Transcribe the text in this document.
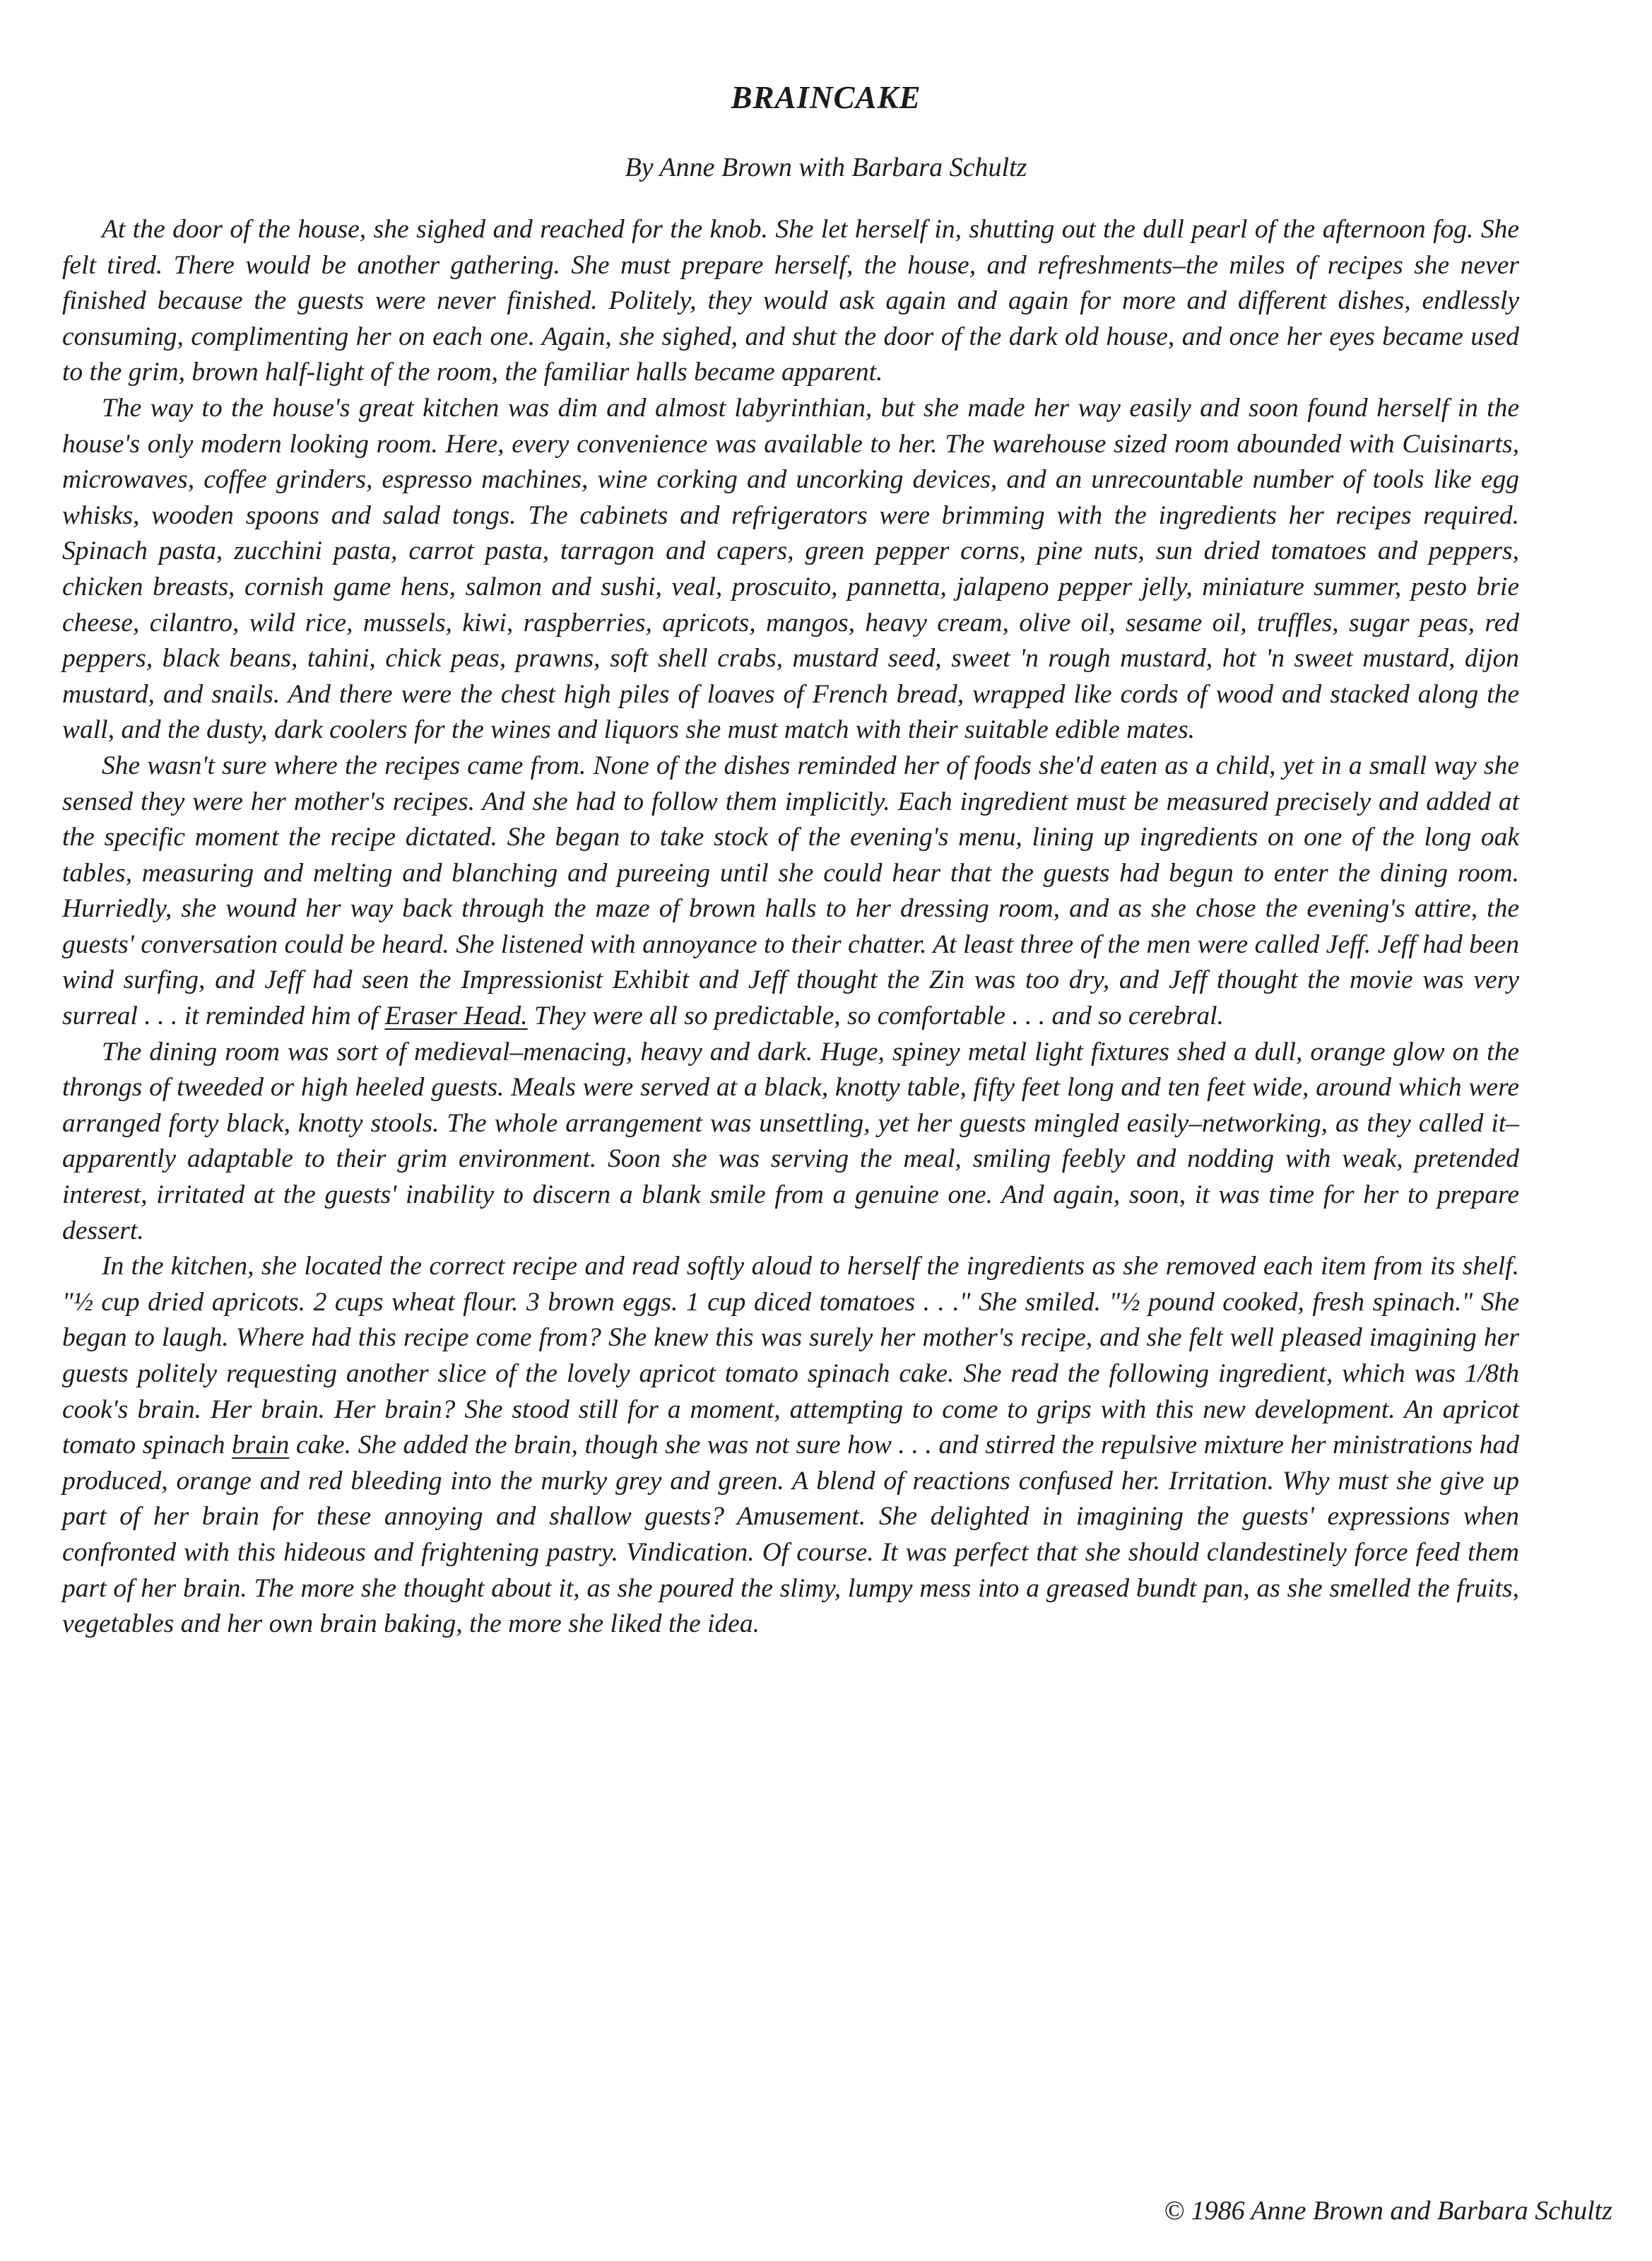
BRAINCAKE

By Anne Brown with Barbara Schultz

At the door of the house, she sighed and reached for the knob. She let herself in, shutting out the dull pearl of the afternoon fog. She felt tired. There would be another gathering. She must prepare herself, the house, and refreshments–the miles of recipes she never finished because the guests were never finished. Politely, they would ask again and again for more and different dishes, endlessly consuming, complimenting her on each one. Again, she sighed, and shut the door of the dark old house, and once her eyes became used to the grim, brown half-light of the room, the familiar halls became apparent.

The way to the house's great kitchen was dim and almost labyrinthian, but she made her way easily and soon found herself in the house's only modern looking room. Here, every convenience was available to her. The warehouse sized room abounded with Cuisinarts, microwaves, coffee grinders, espresso machines, wine corking and uncorking devices, and an unrecountable number of tools like egg whisks, wooden spoons and salad tongs. The cabinets and refrigerators were brimming with the ingredients her recipes required. Spinach pasta, zucchini pasta, carrot pasta, tarragon and capers, green pepper corns, pine nuts, sun dried tomatoes and peppers, chicken breasts, cornish game hens, salmon and sushi, veal, proscuito, pannetta, jalapeno pepper jelly, miniature summer, pesto brie cheese, cilantro, wild rice, mussels, kiwi, raspberries, apricots, mangos, heavy cream, olive oil, sesame oil, truffles, sugar peas, red peppers, black beans, tahini, chick peas, prawns, soft shell crabs, mustard seed, sweet 'n rough mustard, hot 'n sweet mustard, dijon mustard, and snails. And there were the chest high piles of loaves of French bread, wrapped like cords of wood and stacked along the wall, and the dusty, dark coolers for the wines and liquors she must match with their suitable edible mates.

She wasn't sure where the recipes came from. None of the dishes reminded her of foods she'd eaten as a child, yet in a small way she sensed they were her mother's recipes. And she had to follow them implicitly. Each ingredient must be measured precisely and added at the specific moment the recipe dictated. She began to take stock of the evening's menu, lining up ingredients on one of the long oak tables, measuring and melting and blanching and pureeing until she could hear that the guests had begun to enter the dining room. Hurriedly, she wound her way back through the maze of brown halls to her dressing room, and as she chose the evening's attire, the guests' conversation could be heard. She listened with annoyance to their chatter. At least three of the men were called Jeff. Jeff had been wind surfing, and Jeff had seen the Impressionist Exhibit and Jeff thought the Zin was too dry, and Jeff thought the movie was very surreal . . . it reminded him of Eraser Head. They were all so predictable, so comfortable . . . and so cerebral.

The dining room was sort of medieval–menacing, heavy and dark. Huge, spiney metal light fixtures shed a dull, orange glow on the throngs of tweeded or high heeled guests. Meals were served at a black, knotty table, fifty feet long and ten feet wide, around which were arranged forty black, knotty stools. The whole arrangement was unsettling, yet her guests mingled easily–networking, as they called it–apparently adaptable to their grim environment. Soon she was serving the meal, smiling feebly and nodding with weak, pretended interest, irritated at the guests' inability to discern a blank smile from a genuine one. And again, soon, it was time for her to prepare dessert.

In the kitchen, she located the correct recipe and read softly aloud to herself the ingredients as she removed each item from its shelf. "½ cup dried apricots. 2 cups wheat flour. 3 brown eggs. 1 cup diced tomatoes . . ." She smiled. "½ pound cooked, fresh spinach." She began to laugh. Where had this recipe come from? She knew this was surely her mother's recipe, and she felt well pleased imagining her guests politely requesting another slice of the lovely apricot tomato spinach cake. She read the following ingredient, which was 1/8th cook's brain. Her brain. Her brain? She stood still for a moment, attempting to come to grips with this new development. An apricot tomato spinach brain cake. She added the brain, though she was not sure how . . . and stirred the repulsive mixture her ministrations had produced, orange and red bleeding into the murky grey and green. A blend of reactions confused her. Irritation. Why must she give up part of her brain for these annoying and shallow guests? Amusement. She delighted in imagining the guests' expressions when confronted with this hideous and frightening pastry. Vindication. Of course. It was perfect that she should clandestinely force feed them part of her brain. The more she thought about it, as she poured the slimy, lumpy mess into a greased bundt pan, as she smelled the fruits, vegetables and her own brain baking, the more she liked the idea.

© 1986 Anne Brown and Barbara Schultz
